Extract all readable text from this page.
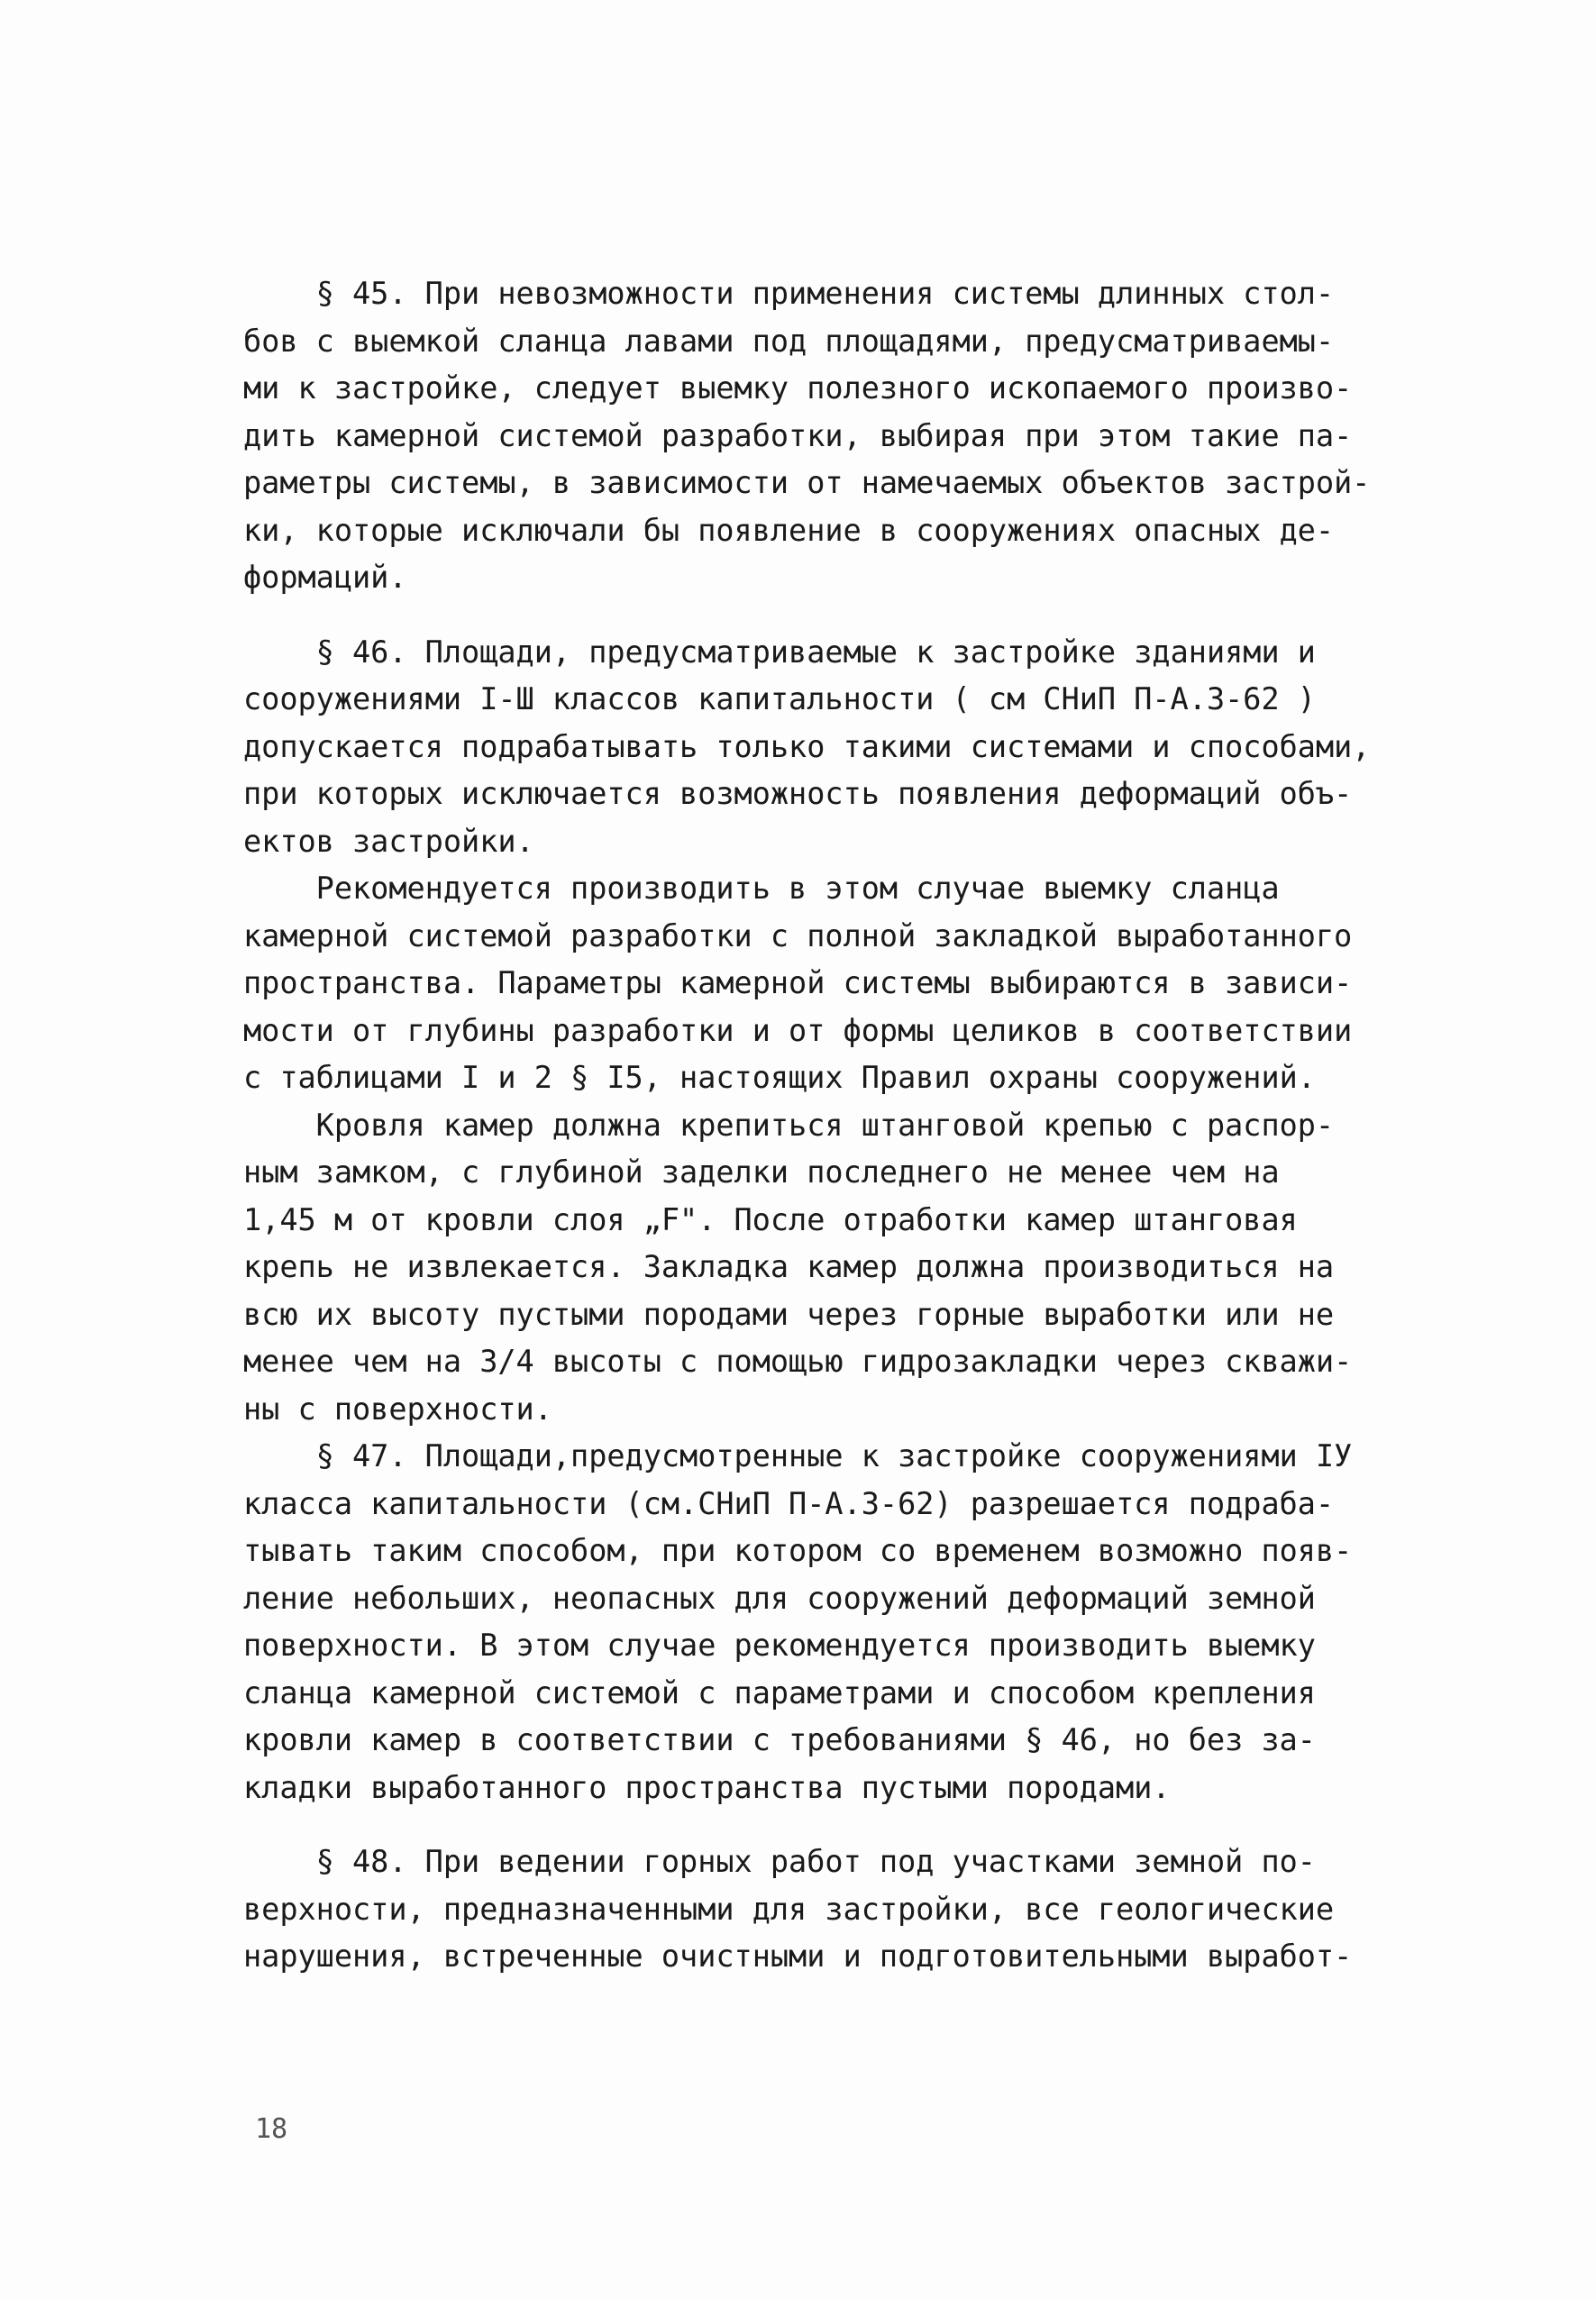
§ 45. При невозможности применения системы длинных стол-
бов с выемкой сланца лавами под площадями, предусматриваемы-
ми к застройке, следует выемку полезного ископаемого произво-
дить камерной системой разработки, выбирая при этом такие па-
раметры системы, в зависимости от намечаемых объектов застрой-
ки, которые исключали бы появление в сооружениях опасных де-
формаций.
§ 46. Площади, предусматриваемые к застройке зданиями и
сооружениями I-Ш классов капитальности ( см СНиП П-А.3-62 )
допускается подрабатывать только такими системами и способами,
при которых исключается возможность появления деформаций объ-
ектов застройки.
Рекомендуется производить в этом случае выемку сланца
камерной системой разработки с полной закладкой выработанного
пространства. Параметры камерной системы выбираются в зависи-
мости от глубины разработки и от формы целиков в соответствии
с таблицами I и 2 § I5, настоящих Правил охраны сооружений.
Кровля камер должна крепиться штанговой крепью с распор-
ным замком, с глубиной заделки последнего не менее чем на
1,45 м от кровли слоя „F". После отработки камер штанговая
крепь не извлекается. Закладка камер должна производиться на
всю их высоту пустыми породами через горные выработки или не
менее чем на 3/4 высоты с помощью гидрозакладки через скважи-
ны с поверхности.
§ 47. Площади,предусмотренные к застройке сооружениями IУ
класса капитальности (см.СНиП П-А.3-62) разрешается подраба-
тывать таким способом, при котором со временем возможно появ-
ление небольших, неопасных для сооружений деформаций земной
поверхности. В этом случае рекомендуется производить выемку
сланца камерной системой с параметрами и способом крепления
кровли камер в соответствии с требованиями § 46, но без за-
кладки выработанного пространства пустыми породами.
§ 48. При ведении горных работ под участками земной по-
верхности, предназначенными для застройки, все геологические
нарушения, встреченные очистными и подготовительными выработ-
18
